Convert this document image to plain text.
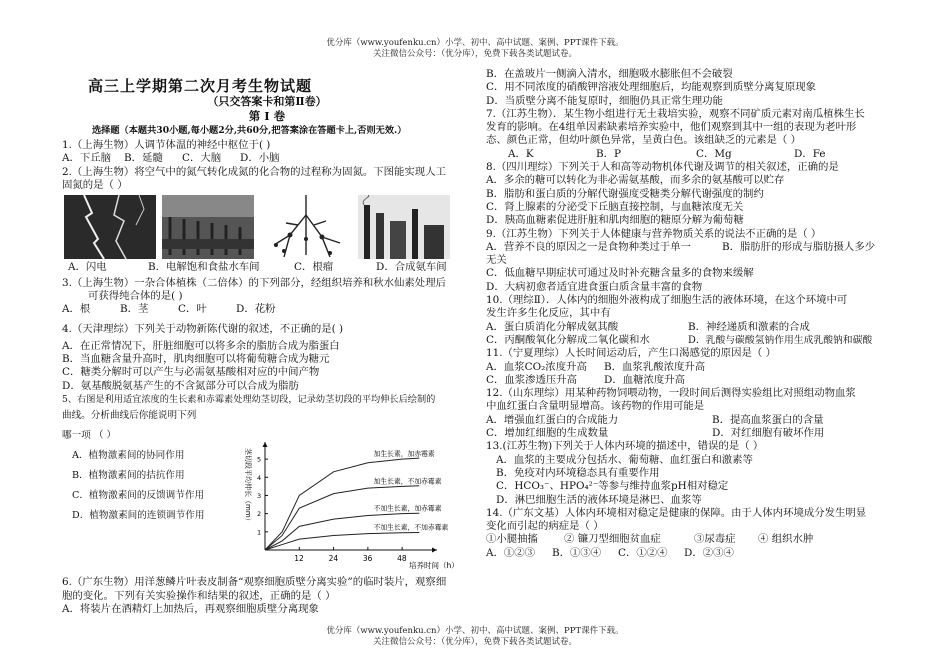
优分库（www.youfenku.cn）小学、初中、高中试题、案例、PPT课件下载。
关注微信公众号：（优分库），免费下载各类试题试卷。
高三上学期第二次月考生物试题
（只交答案卡和第Ⅱ卷）
第 Ⅰ 卷
选择题（本题共30小题,每小题2分,共60分,把答案涂在答题卡上,否则无效.）
1.（上海生物）人调节体温的神经中枢位于( )
A．下丘脑 B．延髓 C．大脑 D．小脑
2.（上海生物）将空气中的氮气转化成氮的化合物的过程称为固氮。下图能实现人工
固氮的是（ ）
A．闪电	B．电解饱和食盐水车间	C．根瘤	D．合成氨车间
3.（上海生物）一杂合体植株（二倍体）的下列部分，经组织培养和秋水仙素处理后
可获得纯合体的是( )
A．根	B．茎	C．叶	D．花粉
4.（天津理综）下列关于动物新陈代谢的叙述，不正确的是( )
A．在正常情况下，肝脏细胞可以将多余的脂肪合成为脂蛋白
B．当血糖含量升高时，肌肉细胞可以将葡萄糖合成为糖元
C．糖类分解时可以产生与必需氨基酸相对应的中间产物
D．氨基酸脱氨基产生的不含氮部分可以合成为脂肪
5、右图是利用适宜浓度的生长素和赤霉素处理幼茎切段，记录幼茎切段的平均伸长后绘制的
曲线。分析曲线后你能说明下列
哪一项 （ ）
A．植物激素间的协同作用
B．植物激素间的拮抗作用
C．植物激素间的反馈调节作用
D．植物激素间的连锁调节作用
12	24	36	48
1
2
3
4
5
加生长素，加赤霉素
加生长素，不加赤霉素
不加生长素，加赤霉素
不加生长素，不加赤霉素
茎切段平均伸长（mm）
培养时间（h）
6.（广东生物）用洋葱鳞片叶表皮制备“观察细胞质壁分离实验”的临时装片，观察细
胞的变化。下列有关实验操作和结果的叙述，正确的是（ ）
A．将装片在酒精灯上加热后，再观察细胞质壁分离现象
B．在盖玻片一侧滴入清水，细胞吸水膨胀但不会破裂
C．用不同浓度的硝酸钾溶液处理细胞后，均能观察到质壁分离复原现象
D．当质壁分离不能复原时，细胞仍具正常生理功能
7.（江苏生物）．某生物小组进行无土栽培实验，观察不同矿质元素对南瓜植株生长
发育的影响。在4组单因素缺素培养实验中，他们观察到其中一组的表现为老叶形
态、颜色正常，但幼叶颜色异常，呈黄白色。该组缺乏的元素是（ ）
A．K	B．P	C．Mg	D．Fe
8.（四川理综）下列关于人和高等动物机体代谢及调节的相关叙述，正确的是
A．多余的糖可以转化为非必需氨基酸，而多余的氨基酸可以贮存
B．脂肪和蛋白质的分解代谢强度受糖类分解代谢强度的制约
C．肾上腺素的分泌受下丘脑直接控制，与血糖浓度无关
D．胰高血糖素促进肝脏和肌肉细胞的糖原分解为葡萄糖
9.（江苏生物）下列关于人体健康与营养物质关系的说法不正确的是（ ）
A．营养不良的原因之一是食物种类过于单一	B．脂肪肝的形成与脂肪摄人多少
无关
C．低血糖早期症状可通过及时补充糖含量多的食物来缓解
D．大病初愈者适宜进食蛋白质含量丰富的食物
10.（理综Ⅱ）．人体内的细胞外液构成了细胞生活的液体环境，在这个环境中可
发生许多生化反应，其中有
A．蛋白质消化分解成氨其酸	B．神经递质和激素的合成
C．丙酮酸氧化分解成二氧化碳和水	D．乳酸与碳酸氢钠作用生成乳酸钠和碳酸
11.（宁夏理综）人长时间运动后，产生口渴感觉的原因是（ ）
A．血浆CO₂浓度升高 B．血浆乳酸浓度升高
C．血浆渗透压升高	D．血糖浓度升高
12.（山东理综）用某种药物饲喂动物，一段时间后测得实验组比对照组动物血浆
中血红蛋白含量明显增高。该药物的作用可能是
A．增强血红蛋白的合成能力	B．提高血浆蛋白的含量
C．增加红细胞的生成数量	D．对红细胞有破坏作用
13.(江苏生物)下列关于人体内环境的描述中，错误的是（ ）
A．血浆的主要成分包括水、葡萄糖、血红蛋白和激素等
B．免疫对内环境稳态具有重要作用
C．HCO₃⁻、HPO₄²⁻等参与维持血浆pH相对稳定
D．淋巴细胞生活的液体环境是淋巴、血浆等
14.（广东文基）人体内环境相对稳定是健康的保障。由于人体内环境成分发生明显
变化而引起的病症是（ ）
①小腿抽搐	② 镰刀型细胞贫血症	③尿毒症 ④ 组织水肿
A．①②③ B．①③④ C．①②④ D．②③④
优分库（www.youfenku.cn）小学、初中、高中试题、案例、PPT课件下载。
关注微信公众号：（优分库），免费下载各类试题试卷。
